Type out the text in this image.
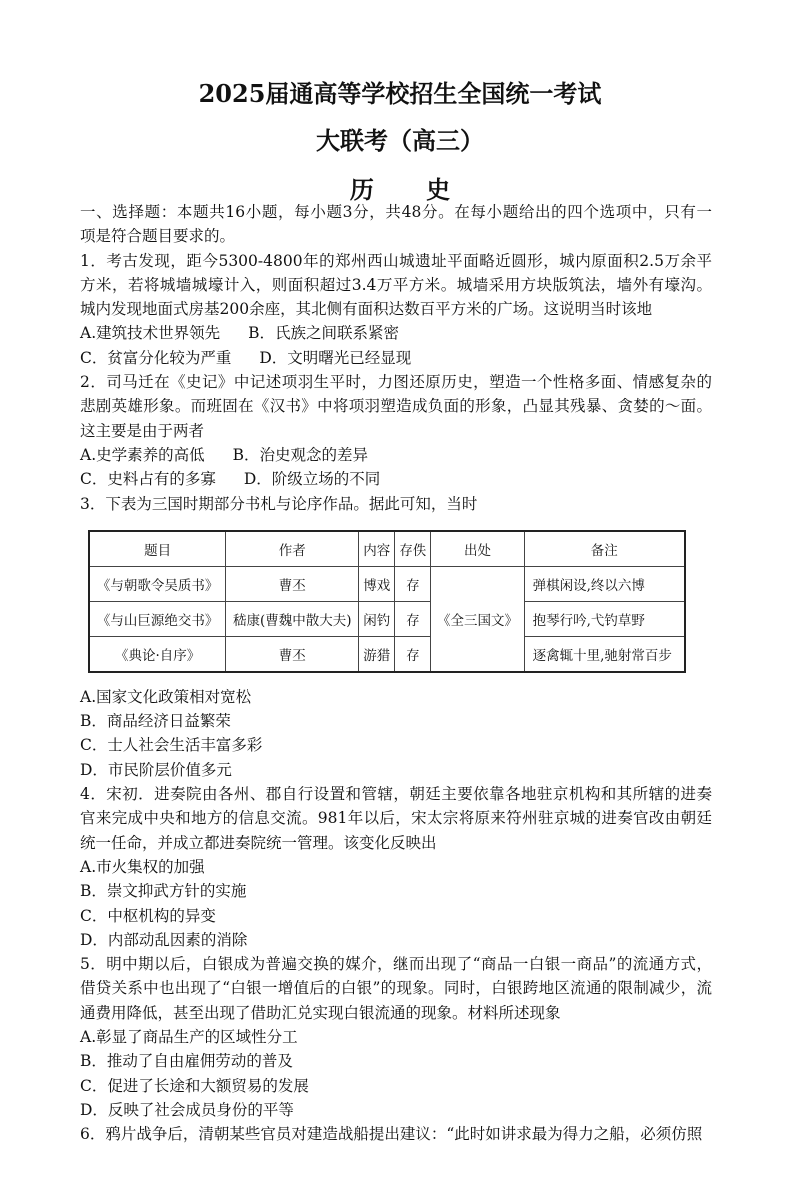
2025届通高等学校招生全国统一考试
大联考（高三）
历 史
一、选择题：本题共16小题，每小题3分，共48分。在每小题给出的四个选项中，只有一
项是符合题目要求的。
1．考古发现，距今5300-4800年的郑州西山城遗址平面略近圆形，城内原面积2.5万余平
方米，若将城墙城壕计入，则面积超过3.4万平方米。城墙采用方块版筑法，墙外有壕沟。
城内发现地面式房基200余座，其北侧有面积达数百平方米的广场。这说明当时该地
A.建筑技术世界领先 B．氏族之间联系紧密
C．贫富分化较为严重 D．文明曙光已经显现
2．司马迁在《史记》中记述项羽生平时，力图还原历史，塑造一个性格多面、情感复杂的
悲剧英雄形象。而班固在《汉书》中将项羽塑造成负面的形象，凸显其残暴、贪婪的～面。
这主要是由于两者
A.史学素养的高低 B．治史观念的差异
C．史料占有的多寡 D．阶级立场的不同
3．下表为三国时期部分书札与论序作品。据此可知，当时
题目	作者	内容	存佚	出处	备注
《与朝歌令吴质书》	曹丕	博戏	存	《全三国文》	弹棋闲设,终以六博
《与山巨源绝交书》	嵇康(曹魏中散大夫)	闲钓	存		抱琴行吟,弋钓草野
《典论·自序》	曹丕	游猎	存		逐禽辄十里,驰射常百步
A.国家文化政策相对宽松
B．商品经济日益繁荣
C．士人社会生活丰富多彩
D．市民阶层价值多元
4．宋初．进奏院由各州、郡自行设置和管辖，朝廷主要依靠各地驻京机构和其所辖的进奏
官来完成中央和地方的信息交流。981年以后，宋太宗将原来符州驻京城的进奏官改由朝廷
统一任命，并成立都进奏院统一管理。该变化反映出
A.巿火集权的加强
B．崇文抑武方针的实施
C．中枢机构的异变
D．内部动乱因素的消除
5．明中期以后，白银成为普遍交换的媒介，继而出现了“商品一白银一商品”的流通方式，
借贷关系中也出现了“白银一增值后的白银”的现象。同时，白银跨地区流通的限制减少，流
通费用降低，甚至出现了借助汇兑实现白银流通的现象。材料所述现象
A.彰显了商品生产的区域性分工
B．推动了自由雇佣劳动的普及
C．促进了长途和大额贸易的发展
D．反映了社会成员身份的平等
6．鸦片战争后，清朝某些官员对建造战船提出建议：“此时如讲求最为得力之船，必须仿照
